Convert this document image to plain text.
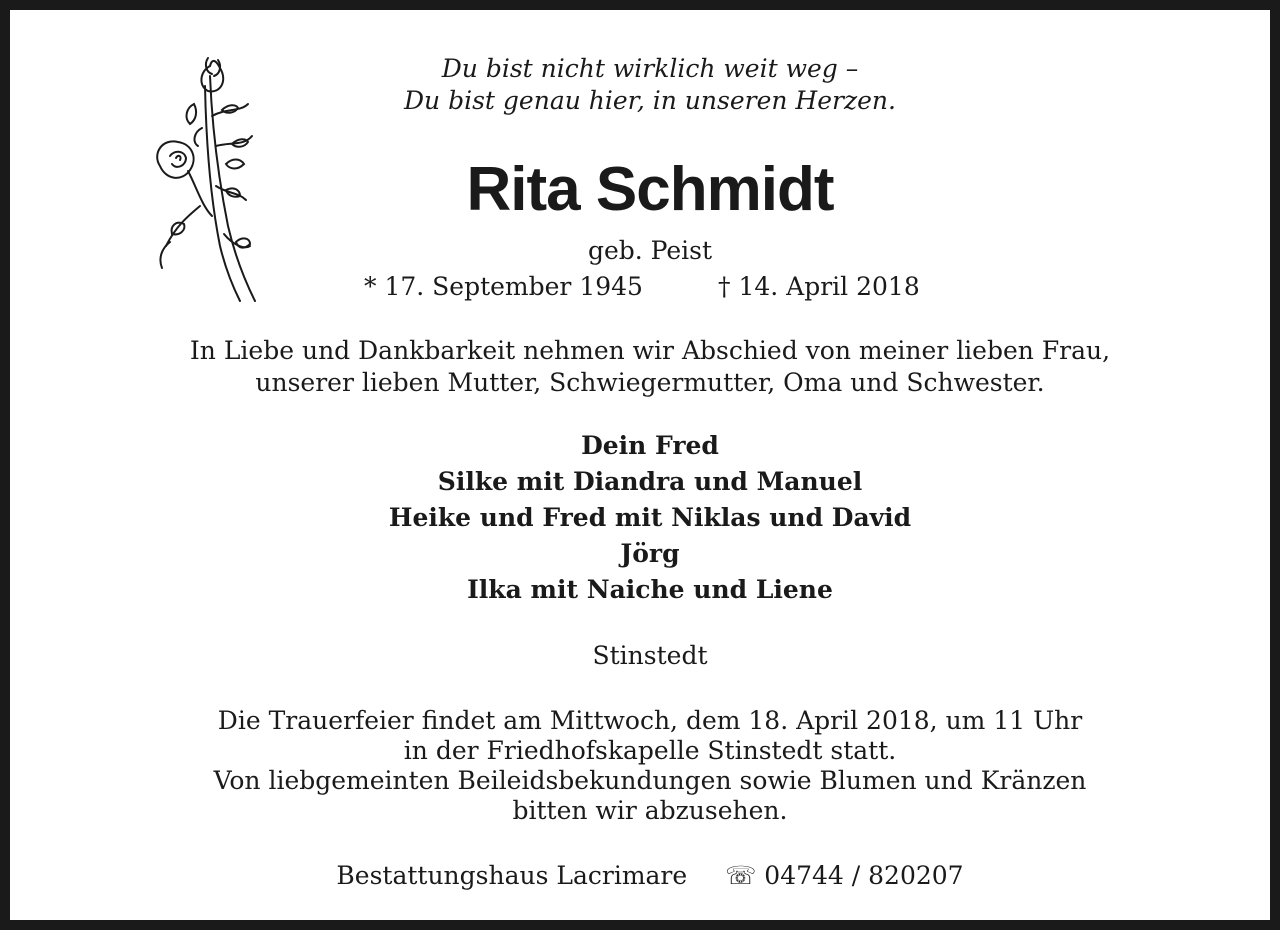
Du bist nicht wirklich weit weg –
Du bist genau hier, in unseren Herzen.
Rita Schmidt
geb. Peist
* 17. September 1945	† 14. April 2018
In Liebe und Dankbarkeit nehmen wir Abschied von meiner lieben Frau,
unserer lieben Mutter, Schwiegermutter, Oma und Schwester.
Dein Fred
Silke mit Diandra und Manuel
Heike und Fred mit Niklas und David
Jörg
Ilka mit Naiche und Liene
Stinstedt
Die Trauerfeier findet am Mittwoch, dem 18. April 2018, um 11 Uhr
in der Friedhofskapelle Stinstedt statt.
Von liebgemeinten Beileidsbekundungen sowie Blumen und Kränzen
bitten wir abzusehen.
Bestattungshaus Lacrimare ☏ 04744 / 820207
